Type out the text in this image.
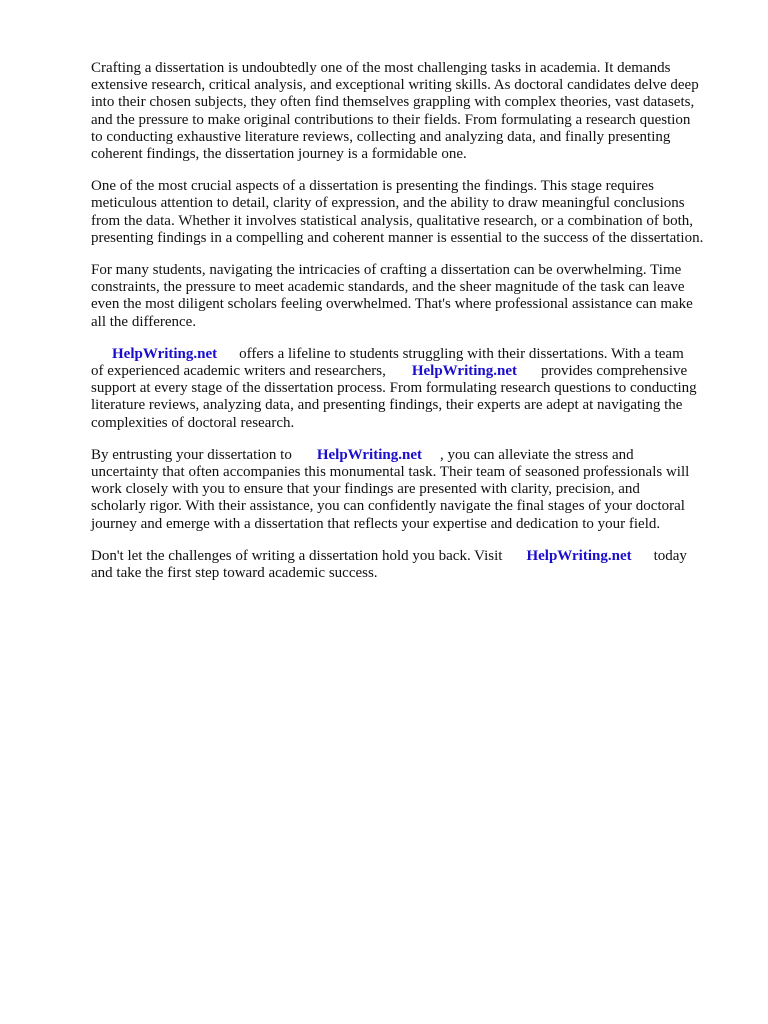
Crafting a dissertation is undoubtedly one of the most challenging tasks in academia. It demands
extensive research, critical analysis, and exceptional writing skills. As doctoral candidates delve deep
into their chosen subjects, they often find themselves grappling with complex theories, vast datasets,
and the pressure to make original contributions to their fields. From formulating a research question
to conducting exhaustive literature reviews, collecting and analyzing data, and finally presenting
coherent findings, the dissertation journey is a formidable one.

One of the most crucial aspects of a dissertation is presenting the findings. This stage requires
meticulous attention to detail, clarity of expression, and the ability to draw meaningful conclusions
from the data. Whether it involves statistical analysis, qualitative research, or a combination of both,
presenting findings in a compelling and coherent manner is essential to the success of the dissertation.

For many students, navigating the intricacies of crafting a dissertation can be overwhelming. Time
constraints, the pressure to meet academic standards, and the sheer magnitude of the task can leave
even the most diligent scholars feeling overwhelmed. That's where professional assistance can make
all the difference.

HelpWriting.net offers a lifeline to students struggling with their dissertations. With a team
of experienced academic writers and researchers, HelpWriting.net provides comprehensive
support at every stage of the dissertation process. From formulating research questions to conducting
literature reviews, analyzing data, and presenting findings, their experts are adept at navigating the
complexities of doctoral research.

By entrusting your dissertation to HelpWriting.net , you can alleviate the stress and
uncertainty that often accompanies this monumental task. Their team of seasoned professionals will
work closely with you to ensure that your findings are presented with clarity, precision, and
scholarly rigor. With their assistance, you can confidently navigate the final stages of your doctoral
journey and emerge with a dissertation that reflects your expertise and dedication to your field.

Don't let the challenges of writing a dissertation hold you back. Visit HelpWriting.net today
and take the first step toward academic success.
